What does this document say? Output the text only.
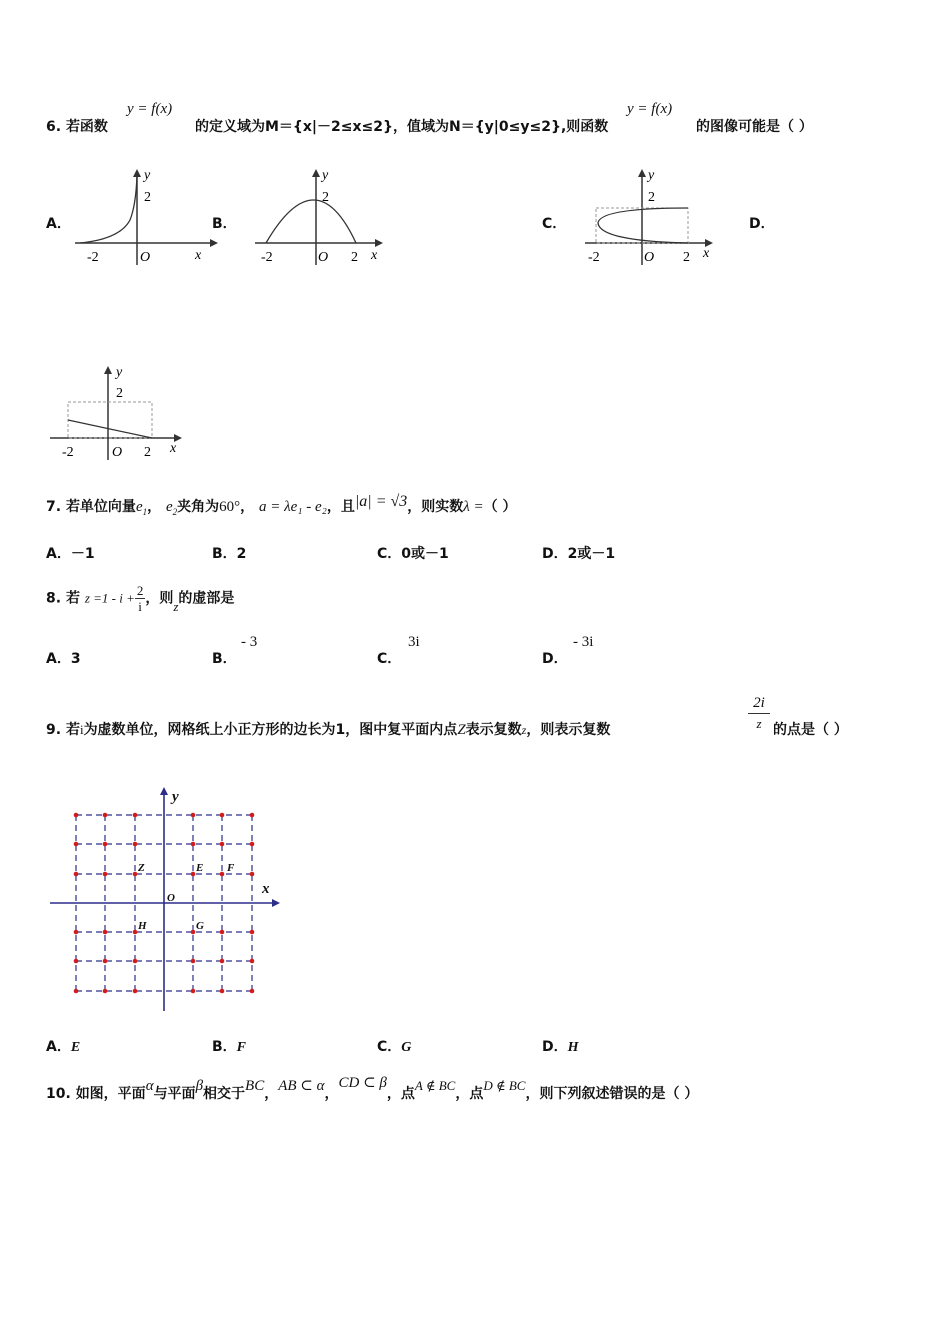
6. 若函数
y = f(x)
的定义域为M＝{x|－2≤x≤2}，值域为N＝{y|0≤y≤2},则函数
y = f(x)
的图像可能是（ ）
A．	B．	C．	D．
y
2
-2	O	x
y
2
-2	O 2 x
y
2
-2	O 2 x
y
2
-2	O 2 x
7. 若单位向量$e_1$， $e_2$夹角为60°， a = λe₁ - e₂，且|a| = √3，则实数λ =（ ）
A．－1	B．2	C．0或－1	D．2或－1
8. 若 $z =1 - i + \frac{2}{i}$ ，则z的虚部是
A．3	B．
- 3
C．
3i
D．
- 3i
$\frac{2i}{z}$
9. 若i为虚数单位，网格纸上小正方形的边长为1，图中复平面内点Z表示复数z，则表示复数	的点是（ ）
y
x
O
Z	E F
H	G
A．E	B．F	C．G	D．H
10. 如图，平面α与平面β相交于BC，AB ⊂ α，CD ⊂ β，点A ∉ BC，点D ∉ BC，则下列叙述错误的是（ ）
